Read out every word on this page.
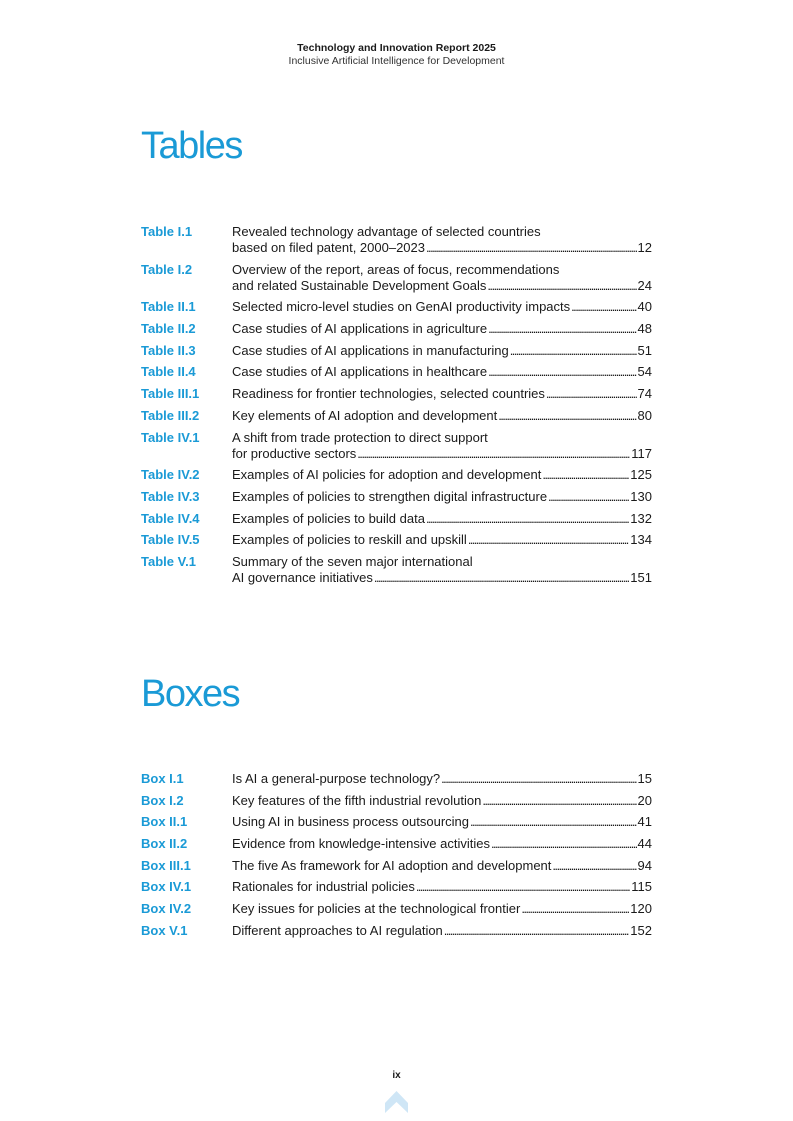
Technology and Innovation Report 2025
Inclusive Artificial Intelligence for Development
Tables
Table I.1	Revealed technology advantage of selected countries
based on filed patent, 2000–2023 . . .	12
Table I.2	Overview of the report, areas of focus, recommendations
and related Sustainable Development Goals . . .	24
Table II.1	Selected micro-level studies on GenAI productivity impacts . . .	40
Table II.2	Case studies of AI applications in agriculture . . .	48
Table II.3	Case studies of AI applications in manufacturing . . .	51
Table II.4	Case studies of AI applications in healthcare . . .	54
Table III.1	Readiness for frontier technologies, selected countries . . .	74
Table III.2	Key elements of AI adoption and development . . .	80
Table IV.1	A shift from trade protection to direct support
for productive sectors . . .	117
Table IV.2	Examples of AI policies for adoption and development . . .	125
Table IV.3	Examples of policies to strengthen digital infrastructure . . .	130
Table IV.4	Examples of policies to build data . . .	132
Table IV.5	Examples of policies to reskill and upskill . . .	134
Table V.1	Summary of the seven major international
AI governance initiatives . . .	151
Boxes
Box I.1	Is AI a general-purpose technology? . . .	15
Box I.2	Key features of the fifth industrial revolution . . .	20
Box II.1	Using AI in business process outsourcing . . .	41
Box II.2	Evidence from knowledge-intensive activities . . .	44
Box III.1	The five As framework for AI adoption and development . . .	94
Box IV.1	Rationales for industrial policies . . .	115
Box IV.2	Key issues for policies at the technological frontier . . .	120
Box V.1	Different approaches to AI regulation . . .	152
ix
